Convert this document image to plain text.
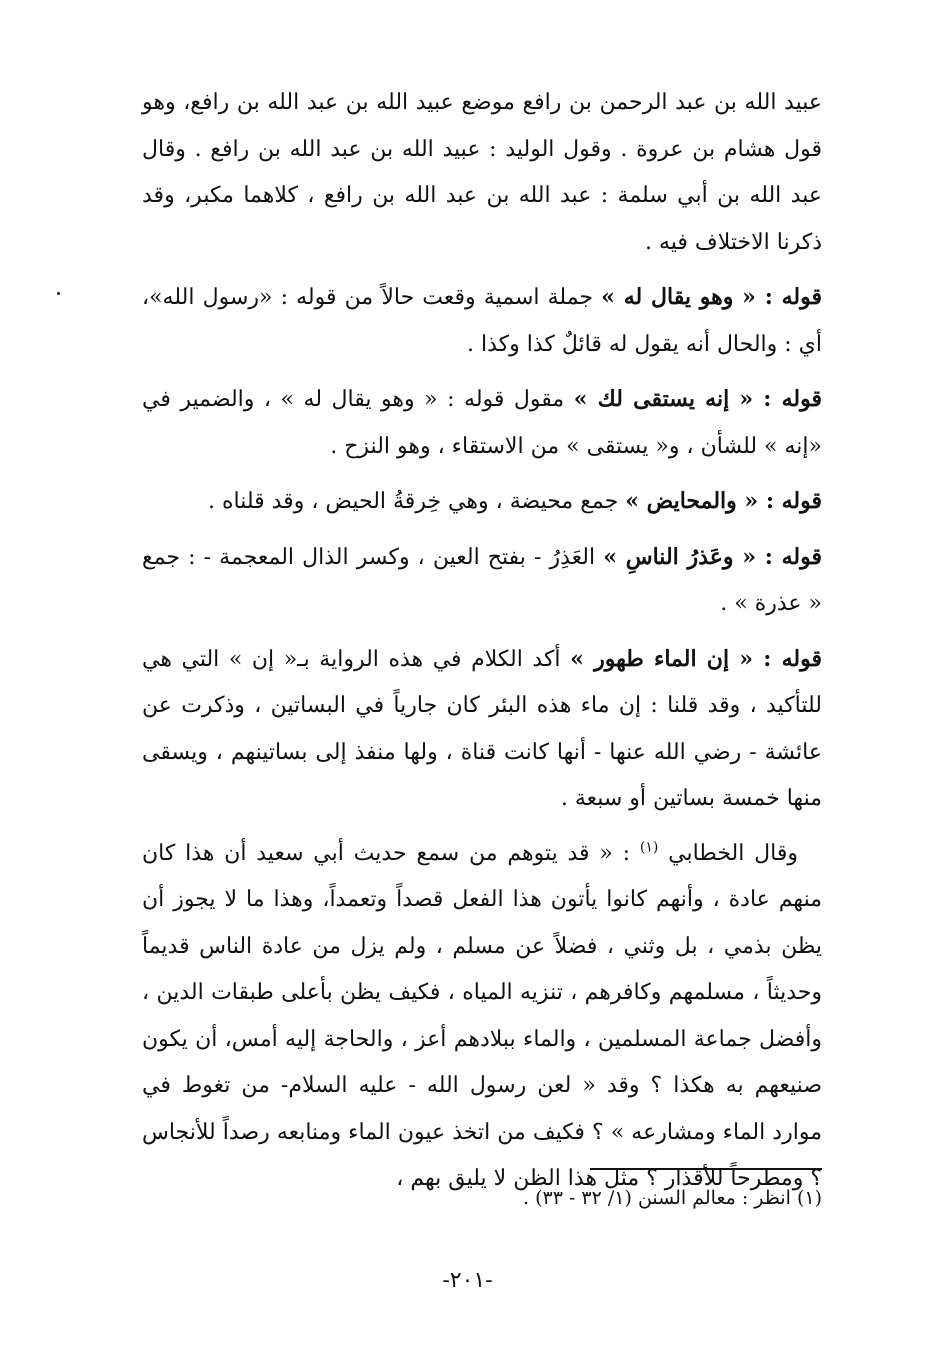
عبيد الله بن عبد الرحمن بن رافع موضع عبيد الله بن عبد الله بن رافع، وهو قول هشام بن عروة . وقول الوليد : عبيد الله بن عبد الله بن رافع . وقال عبد الله بن أبي سلمة : عبد الله بن عبد الله بن رافع ، كلاهما مكبر، وقد ذكرنا الاختلاف فيه .

قوله : « وهو يقال له » جملة اسمية وقعت حالاً من قوله : «رسول الله»، أي : والحال أنه يقول له قائلٌ كذا وكذا .

قوله : « إنه يستقى لك » مقول قوله : « وهو يقال له » ، والضمير في «إنه » للشأن ، و« يستقى » من الاستقاء ، وهو النزح .

قوله : « والمحايض » جمع محيضة ، وهي خِرقةُ الحيض ، وقد قلناه .

قوله : « وعَذرُ الناسِ » العَذِرُ - بفتح العين ، وكسر الذال المعجمة - : جمع « عذرة » .

قوله : « إن الماء طهور » أكد الكلام في هذه الرواية بـ« إن » التي هي للتأكيد ، وقد قلنا : إن ماء هذه البئر كان جارياً في البساتين ، وذكرت عن عائشة - رضي الله عنها - أنها كانت قناة ، ولها منفذ إلى بساتينهم ، ويسقى منها خمسة بساتين أو سبعة .

وقال الخطابي $^{(١)}$ : « قد يتوهم من سمع حديث أبي سعيد أن هذا كان منهم عادة ، وأنهم كانوا يأتون هذا الفعل قصداً وتعمداً، وهذا ما لا يجوز أن يظن بذمي ، بل وثني ، فضلاً عن مسلم ، ولم يزل من عادة الناس قديماً وحديثاً ، مسلمهم وكافرهم ، تنزيه المياه ، فكيف يظن بأعلى طبقات الدين ، وأفضل جماعة المسلمين ، والماء ببلادهم أعز ، والحاجة إليه أمس، أن يكون صنيعهم به هكذا ؟ وقد « لعن رسول الله - عليه السلام- من تغوط في موارد الماء ومشارعه » ؟ فكيف من اتخذ عيون الماء ومنابعه رصداً للأنجاس ؟ ومطرحاً للأقذار ؟ مثل هذا الظن لا يليق بهم ،

(١) انظر : معالم السنن (١/ ٣٢ - ٣٣) .
-٢٠١-
